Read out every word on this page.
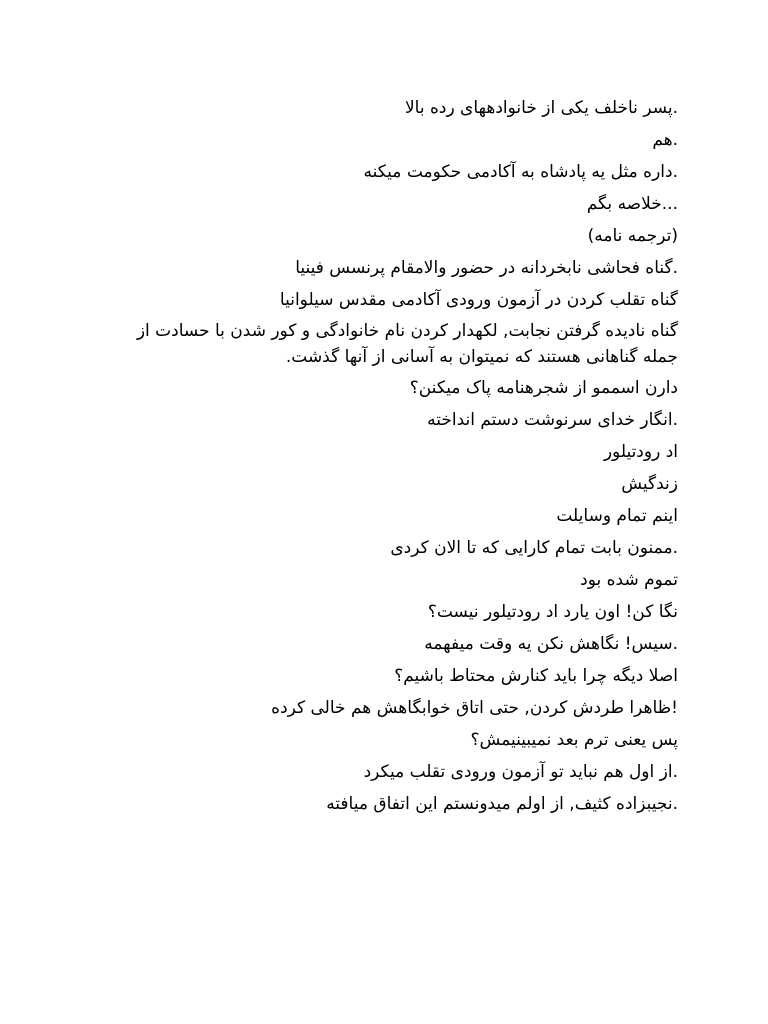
.پسر ناخلف یکی از خانوادههای رده بالا
.هم
.داره مثل یه پادشاه به آکادمی حکومت میکنه
...خلاصه بگم
(ترجمه نامه)
.گناه فحاشی نابخردانه در حضور والامقام پرنسس فینیا
گناه تقلب کردن در آزمون ورودی آکادمی مقدس سیلوانیا
گناه نادیده گرفتن نجابت, لکهدار کردن نام خانوادگی و کور شدن با حسادت از جمله گناهانی هستند که نمیتوان به آسانی از آنها گذشت.
دارن اسممو از شجرهنامه پاک میکنن؟
.انگار خدای سرنوشت دستم انداخته
اد رودتیلور
زندگیش
اینم تمام وسایلت
.ممنون بابت تمام کارایی که تا الان کردی
تموم شده بود
نگا کن! اون یارد اد رودتیلور نیست؟
.سیس! نگاهش نکن یه وقت میفهمه
اصلا دیگه چرا باید کنارش محتاط باشیم؟
!ظاهرا طردش کردن, حتی اتاق خوابگاهش هم خالی کرده
پس یعنی ترم بعد نمیبینیمش؟
.از اول هم نباید تو آزمون ورودی تقلب میکرد
.نجیبزاده کثیف, از اولم میدونستم این اتفاق میافته
